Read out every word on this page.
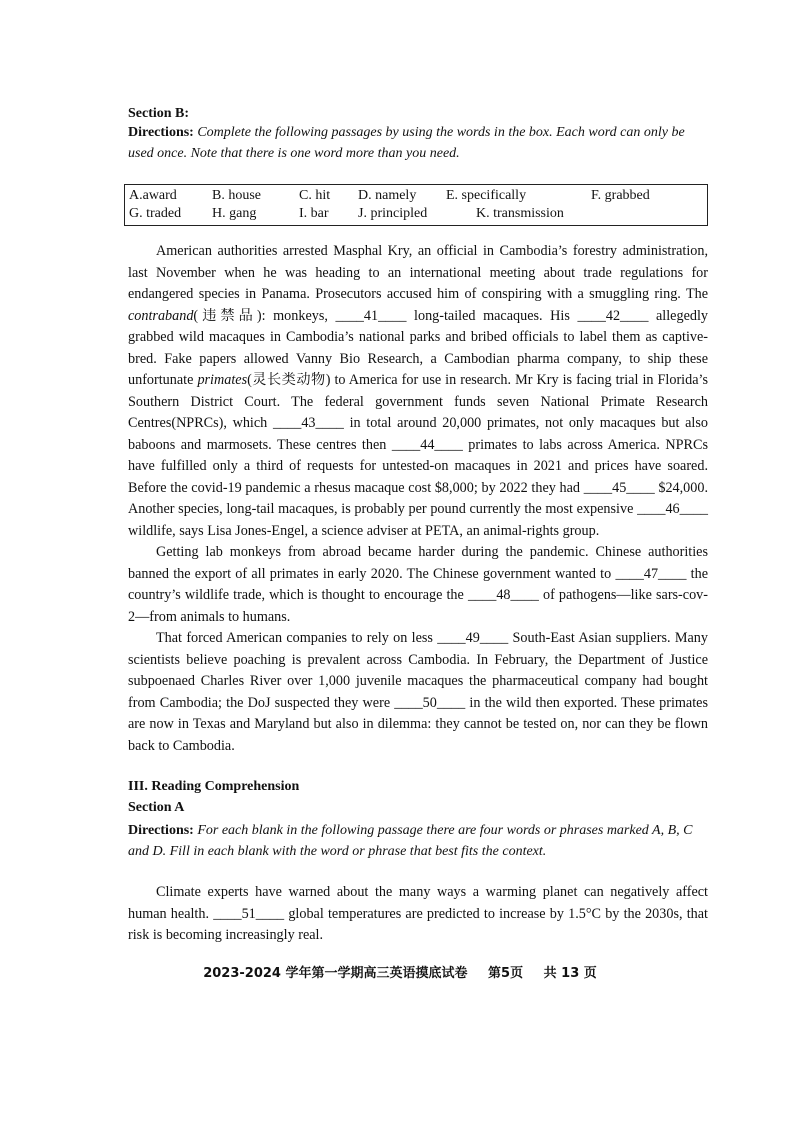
Section B:
Directions: Complete the following passages by using the words in the box. Each word can only be used once. Note that there is one word more than you need.
A.award	B. house	C. hit D. namely E. specifically	F. grabbed
G. traded H. gang	I. bar J. principled	K. transmission

American authorities arrested Masphal Kry, an official in Cambodia’s forestry administration, last November when he was heading to an international meeting about trade regulations for endangered species in Panama. Prosecutors accused him of conspiring with a smuggling ring. The contraband(违禁品): monkeys, ____41____ long-tailed macaques. His ____42____ allegedly grabbed wild macaques in Cambodia’s national parks and bribed officials to label them as captive-bred. Fake papers allowed Vanny Bio Research, a Cambodian pharma company, to ship these unfortunate primates(灵长类动物) to America for use in research. Mr Kry is facing trial in Florida’s Southern District Court. The federal government funds seven National Primate Research Centres(NPRCs), which ____43____ in total around 20,000 primates, not only macaques but also baboons and marmosets. These centres then ____44____ primates to labs across America. NPRCs have fulfilled only a third of requests for untested-on macaques in 2021 and prices have soared. Before the covid-19 pandemic a rhesus macaque cost $8,000; by 2022 they had ____45____ $24,000. Another species, long-tail macaques, is probably per pound currently the most expensive ____46____ wildlife, says Lisa Jones-Engel, a science adviser at PETA, an animal-rights group.

Getting lab monkeys from abroad became harder during the pandemic. Chinese authorities banned the export of all primates in early 2020. The Chinese government wanted to ____47____ the country’s wildlife trade, which is thought to encourage the ____48____ of pathogens—like sars-cov-2—from animals to humans.

That forced American companies to rely on less ____49____ South-East Asian suppliers. Many scientists believe poaching is prevalent across Cambodia. In February, the Department of Justice subpoenaed Charles River over 1,000 juvenile macaques the pharmaceutical company had bought from Cambodia; the DoJ suspected they were ____50____ in the wild then exported. These primates are now in Texas and Maryland but also in dilemma: they cannot be tested on, nor can they be flown back to Cambodia.

III. Reading Comprehension
Section A
Directions: For each blank in the following passage there are four words or phrases marked A, B, C and D. Fill in each blank with the word or phrase that best fits the context.

Climate experts have warned about the many ways a warming planet can negatively affect human health. ____51____ global temperatures are predicted to increase by 1.5°C by the 2030s, that risk is becoming increasingly real.

2023-2024 学年第一学期高三英语摸底试卷 第5页 共 13 页
